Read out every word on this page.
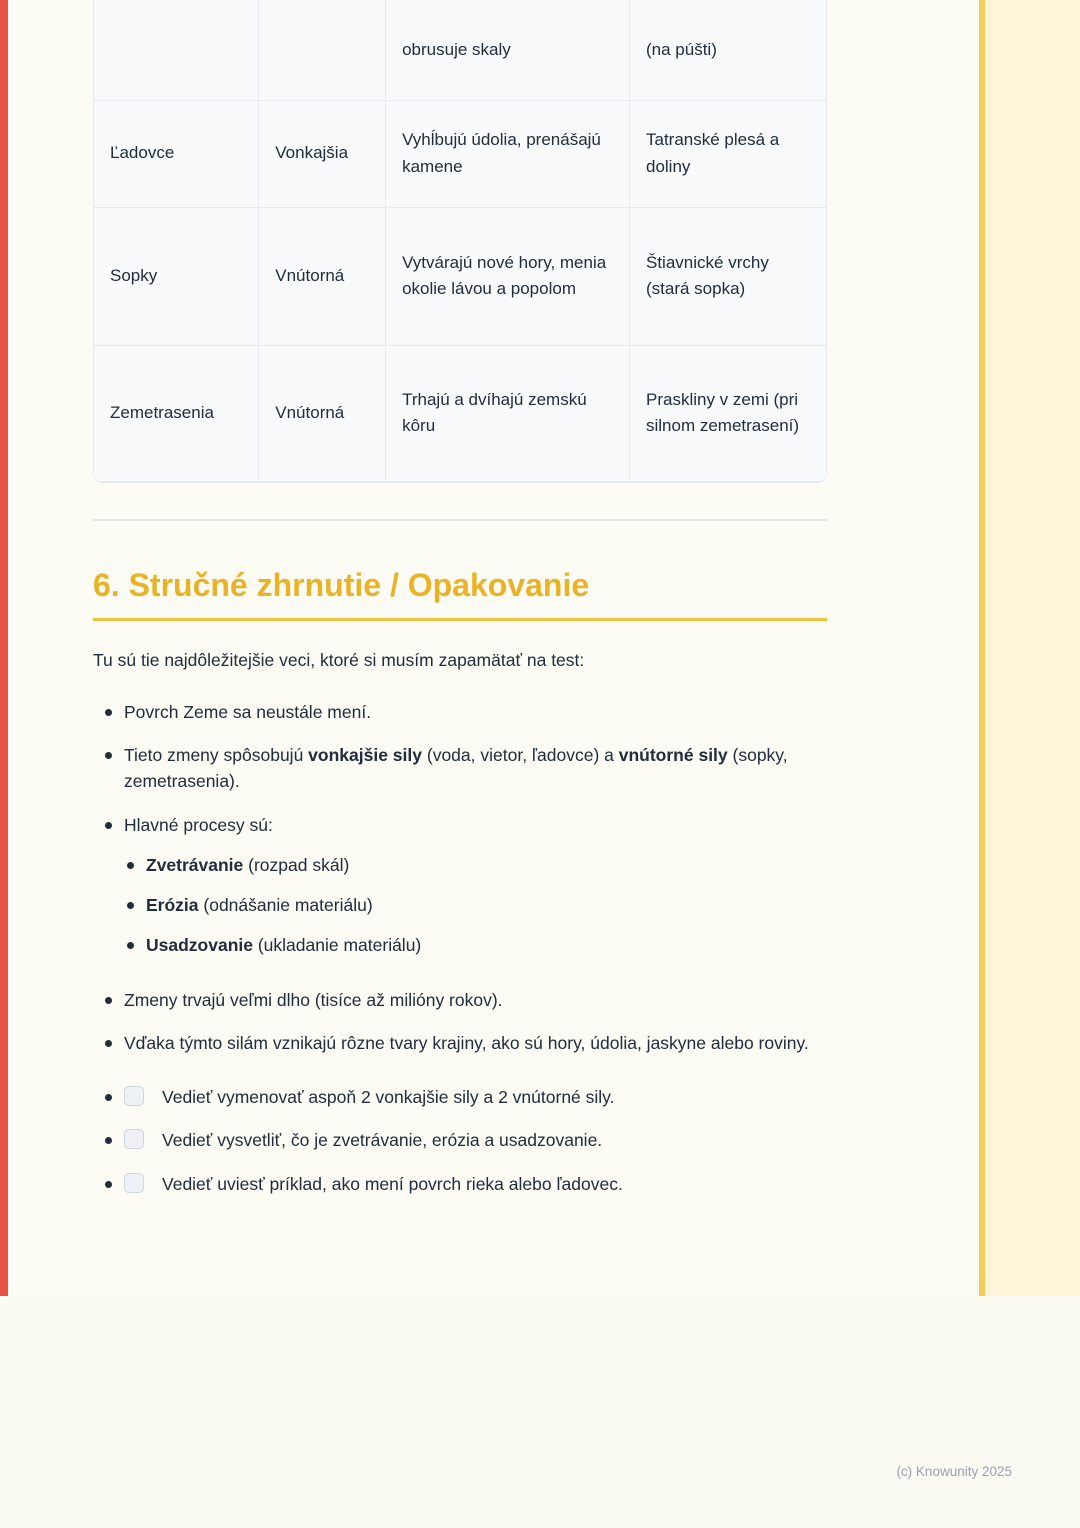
		obrusuje skaly	(na púšti)
Ľadovce	Vonkajšia	Vyhĺbujú údolia, prenášajú kamene	Tatranské plesá a doliny
Sopky	Vnútorná	Vytvárajú nové hory, menia okolie lávou a popolom	Štiavnické vrchy (stará sopka)
Zemetrasenia	Vnútorná	Trhajú a dvíhajú zemskú kôru	Praskliny v zemi (pri silnom zemetrasení)
6. Stručné zhrnutie / Opakovanie

Tu sú tie najdôležitejšie veci, ktoré si musím zapamätať na test:

Povrch Zeme sa neustále mení.
Tieto zmeny spôsobujú vonkajšie sily (voda, vietor, ľadovce) a vnútorné sily (sopky, zemetrasenia).
Hlavné procesy sú:
Zvetrávanie (rozpad skál)
Erózia (odnášanie materiálu)
Usadzovanie (ukladanie materiálu)
Zmeny trvajú veľmi dlho (tisíce až milióny rokov).
Vďaka týmto silám vznikajú rôzne tvary krajiny, ako sú hory, údolia, jaskyne alebo roviny.
Vedieť vymenovať aspoň 2 vonkajšie sily a 2 vnútorné sily.
Vedieť vysvetliť, čo je zvetrávanie, erózia a usadzovanie.
Vedieť uviesť príklad, ako mení povrch rieka alebo ľadovec.
(c) Knowunity 2025
